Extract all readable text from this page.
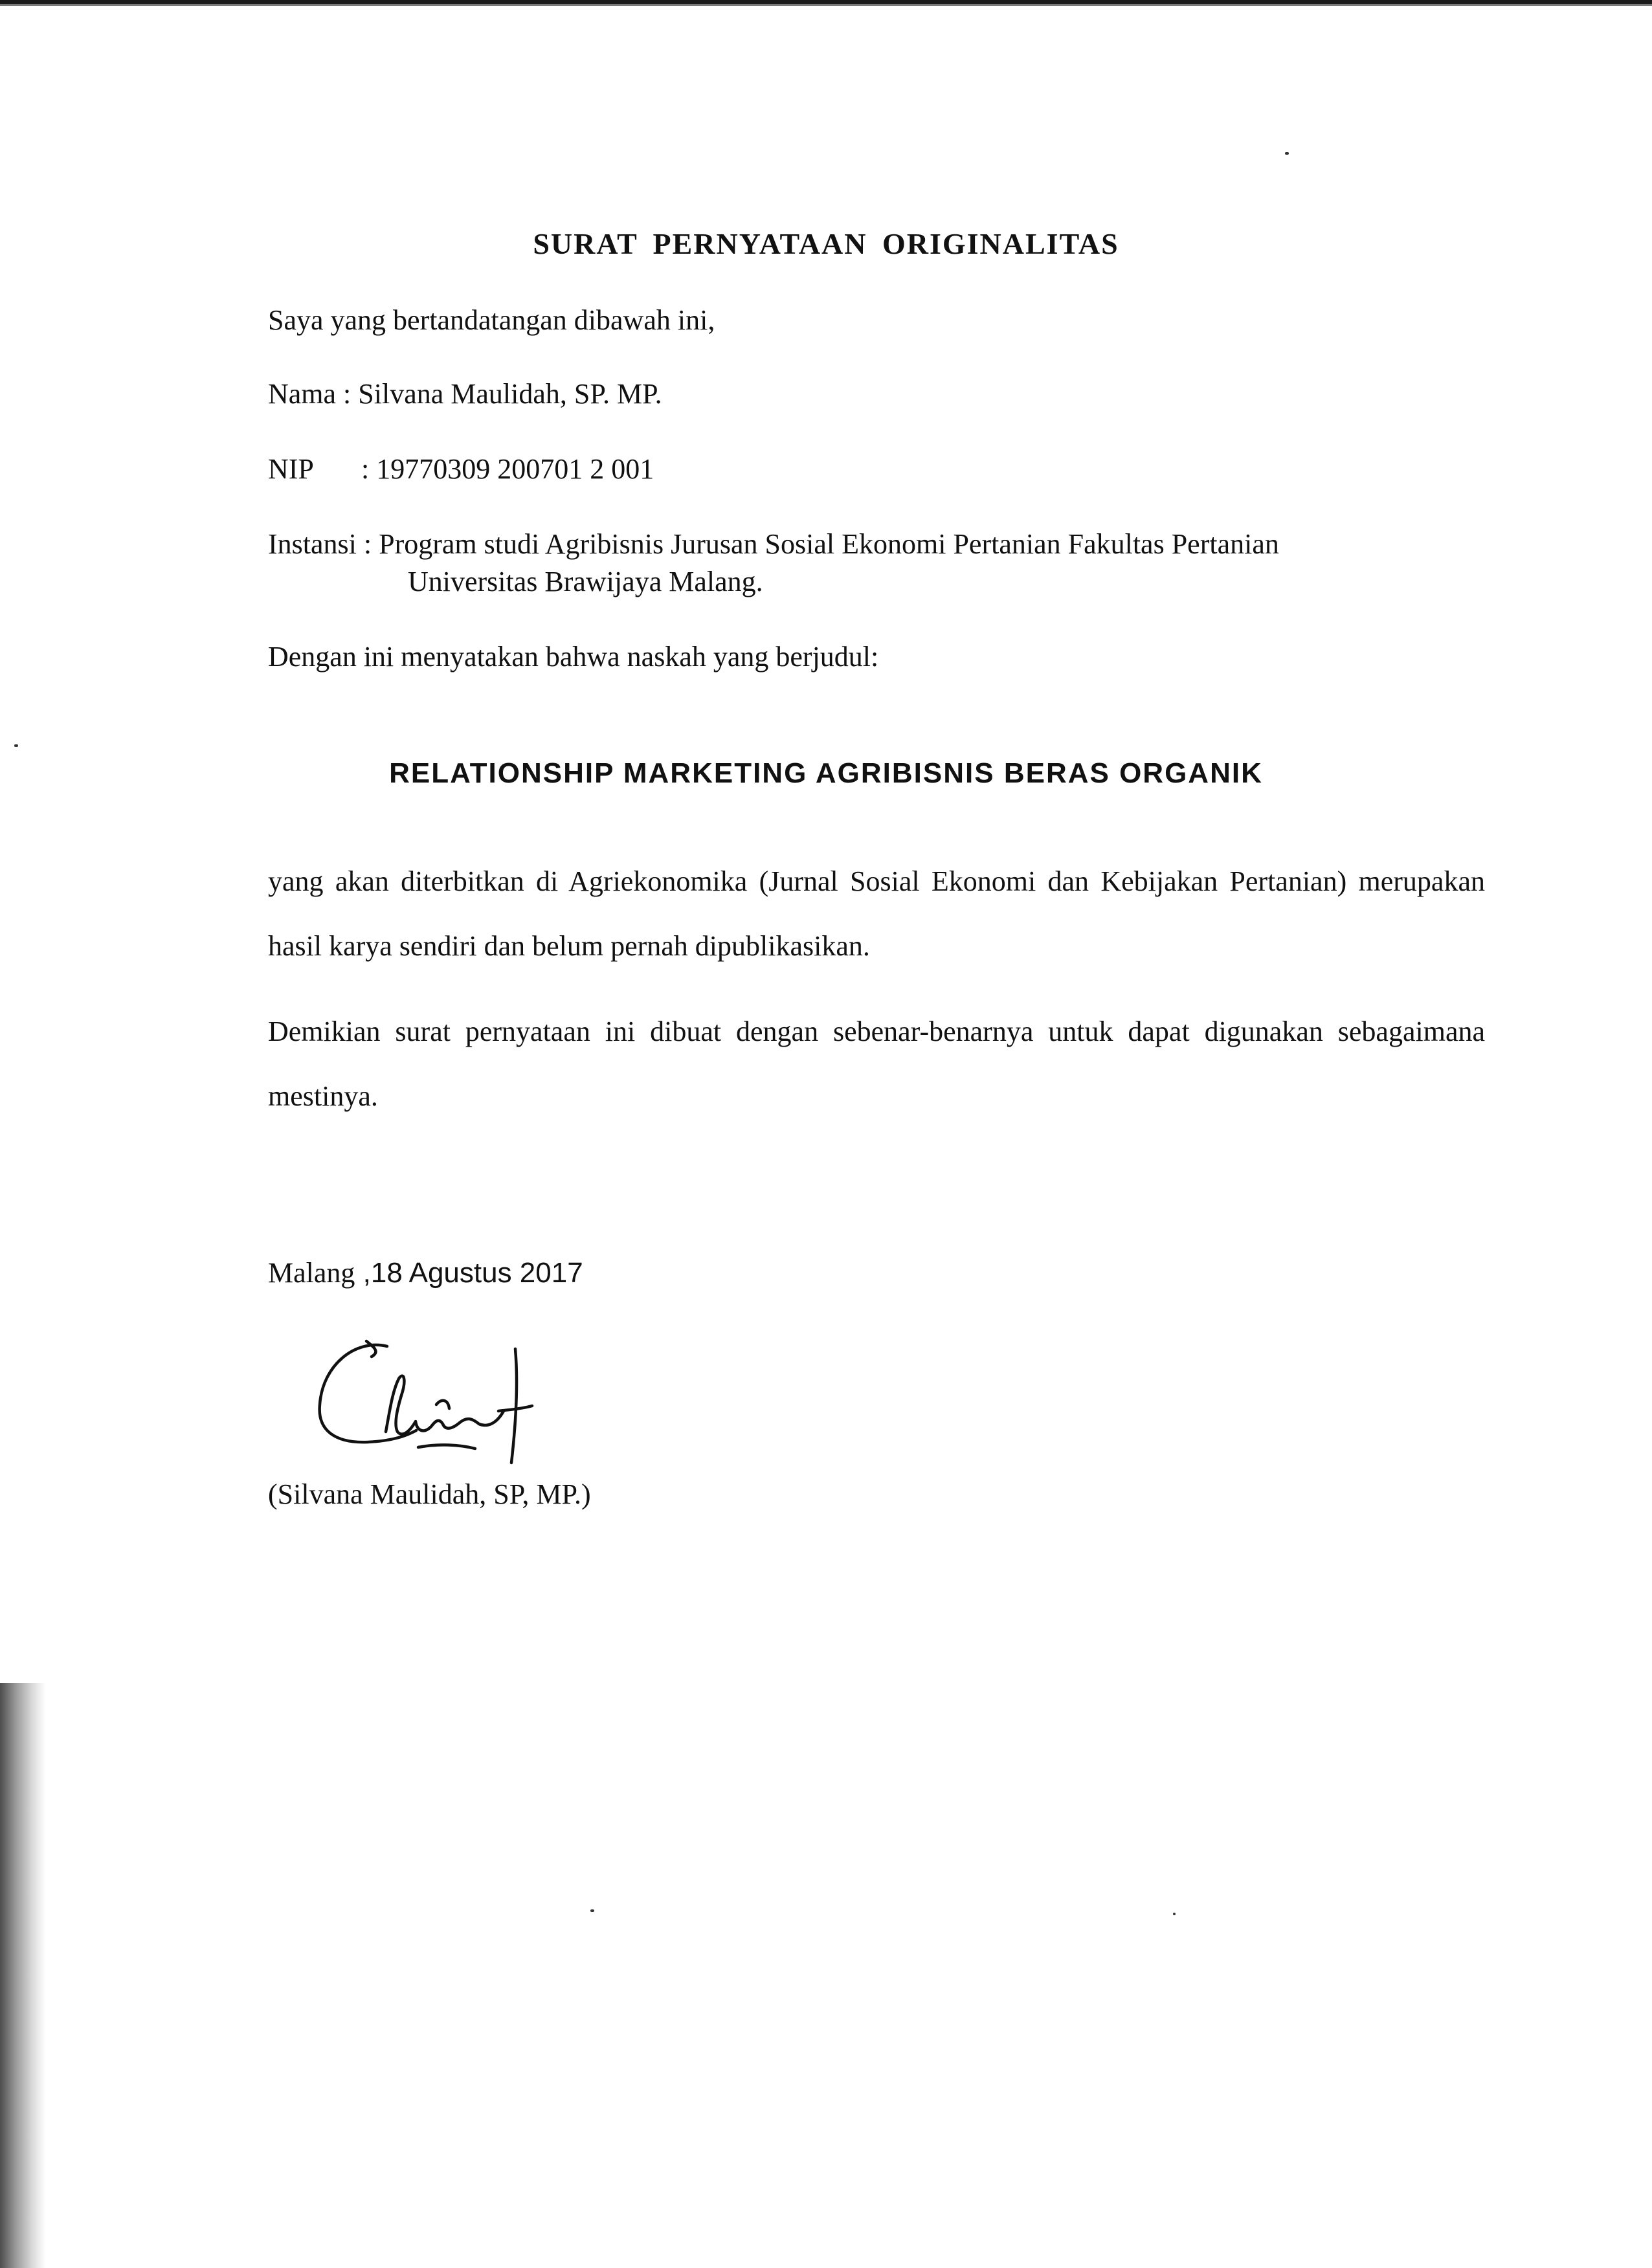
SURAT PERNYATAAN ORIGINALITAS

Saya yang bertandatangan dibawah ini,

Nama : Silvana Maulidah, SP. MP.

NIP : 19770309 200701 2 001

Instansi : Program studi Agribisnis Jurusan Sosial Ekonomi Pertanian Fakultas Pertanian

Universitas Brawijaya Malang.

Dengan ini menyatakan bahwa naskah yang berjudul:

RELATIONSHIP MARKETING AGRIBISNIS BERAS ORGANIK

yang akan diterbitkan di Agriekonomika (Jurnal Sosial Ekonomi dan Kebijakan Pertanian) merupakan hasil karya sendiri dan belum pernah dipublikasikan.

Demikian surat pernyataan ini dibuat dengan sebenar-benarnya untuk dapat digunakan sebagaimana mestinya.

Malang ,18 Agustus 2017

(Silvana Maulidah, SP, MP.)
